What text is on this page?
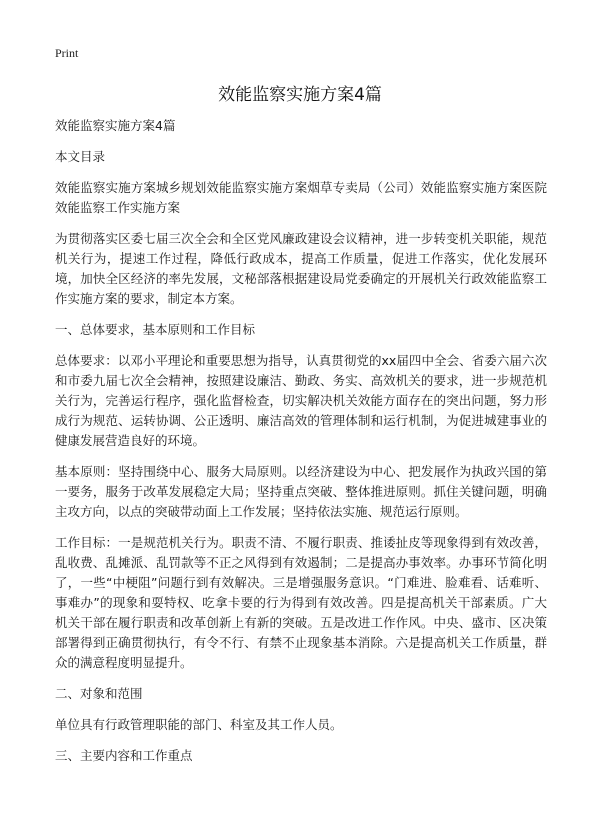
Print
效能监察实施方案4篇

效能监察实施方案4篇

本文目录

效能监察实施方案城乡规划效能监察实施方案烟草专卖局（公司）效能监察实施方案医院效能监察工作实施方案

为贯彻落实区委七届三次全会和全区党风廉政建设会议精神，进一步转变机关职能，规范机关行为，提速工作过程，降低行政成本，提高工作质量，促进工作落实，优化发展环境，加快全区经济的率先发展，文秘部落根据建设局党委确定的开展机关行政效能监察工作实施方案的要求，制定本方案。

一、总体要求，基本原则和工作目标

总体要求：以邓小平理论和重要思想为指导，认真贯彻党的xx届四中全会、省委六届六次和市委九届七次全会精神，按照建设廉洁、勤政、务实、高效机关的要求，进一步规范机关行为，完善运行程序，强化监督检查，切实解决机关效能方面存在的突出问题，努力形成行为规范、运转协调、公正透明、廉洁高效的管理体制和运行机制，为促进城建事业的健康发展营造良好的环境。

基本原则：坚持围绕中心、服务大局原则。以经济建设为中心、把发展作为执政兴国的第一要务，服务于改革发展稳定大局；坚持重点突破、整体推进原则。抓住关键问题，明确主攻方向，以点的突破带动面上工作发展；坚持依法实施、规范运行原则。

工作目标：一是规范机关行为。职责不清、不履行职责、推诿扯皮等现象得到有效改善，乱收费、乱摊派、乱罚款等不正之风得到有效遏制；二是提高办事效率。办事环节简化明了，一些“中梗阻”问题行到有效解决。三是增强服务意识。“门难进、脸难看、话难听、事难办”的现象和耍特权、吃拿卡要的行为得到有效改善。四是提高机关干部素质。广大机关干部在履行职责和改革创新上有新的突破。五是改进工作作风。中央、盛市、区决策部署得到正确贯彻执行，有令不行、有禁不止现象基本消除。六是提高机关工作质量，群众的满意程度明显提升。

二、对象和范围

单位具有行政管理职能的部门、科室及其工作人员。

三、主要内容和工作重点
